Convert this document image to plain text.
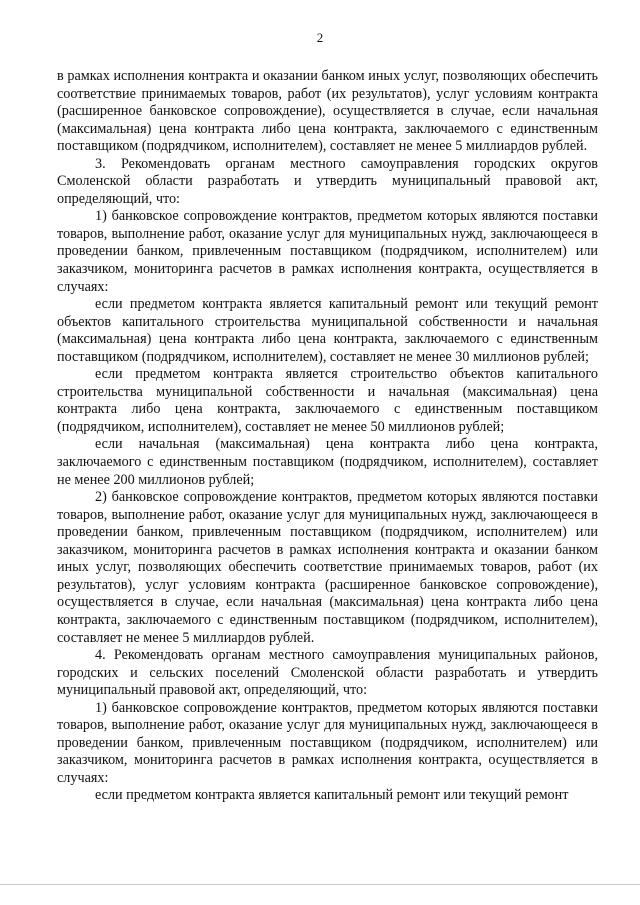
2

в рамках исполнения контракта и оказании банком иных услуг, позволяющих обеспечить соответствие принимаемых товаров, работ (их результатов), услуг условиям контракта (расширенное банковское сопровождение), осуществляется в случае, если начальная (максимальная) цена контракта либо цена контракта, заключаемого с единственным поставщиком (подрядчиком, исполнителем), составляет не менее 5 миллиардов рублей.

3. Рекомендовать органам местного самоуправления городских округов Смоленской области разработать и утвердить муниципальный правовой акт, определяющий, что:

1) банковское сопровождение контрактов, предметом которых являются поставки товаров, выполнение работ, оказание услуг для муниципальных нужд, заключающееся в проведении банком, привлеченным поставщиком (подрядчиком, исполнителем) или заказчиком, мониторинга расчетов в рамках исполнения контракта, осуществляется в случаях:

если предметом контракта является капитальный ремонт или текущий ремонт объектов капитального строительства муниципальной собственности и начальная (максимальная) цена контракта либо цена контракта, заключаемого с единственным поставщиком (подрядчиком, исполнителем), составляет не менее 30 миллионов рублей;

если предметом контракта является строительство объектов капитального строительства муниципальной собственности и начальная (максимальная) цена контракта либо цена контракта, заключаемого с единственным поставщиком (подрядчиком, исполнителем), составляет не менее 50 миллионов рублей;

если начальная (максимальная) цена контракта либо цена контракта, заключаемого с единственным поставщиком (подрядчиком, исполнителем), составляет не менее 200 миллионов рублей;

2) банковское сопровождение контрактов, предметом которых являются поставки товаров, выполнение работ, оказание услуг для муниципальных нужд, заключающееся в проведении банком, привлеченным поставщиком (подрядчиком, исполнителем) или заказчиком, мониторинга расчетов в рамках исполнения контракта и оказании банком иных услуг, позволяющих обеспечить соответствие принимаемых товаров, работ (их результатов), услуг условиям контракта (расширенное банковское сопровождение), осуществляется в случае, если начальная (максимальная) цена контракта либо цена контракта, заключаемого с единственным поставщиком (подрядчиком, исполнителем), составляет не менее 5 миллиардов рублей.

4. Рекомендовать органам местного самоуправления муниципальных районов, городских и сельских поселений Смоленской области разработать и утвердить муниципальный правовой акт, определяющий, что:

1) банковское сопровождение контрактов, предметом которых являются поставки товаров, выполнение работ, оказание услуг для муниципальных нужд, заключающееся в проведении банком, привлеченным поставщиком (подрядчиком, исполнителем) или заказчиком, мониторинга расчетов в рамках исполнения контракта, осуществляется в случаях:

если предметом контракта является капитальный ремонт или текущий ремонт
